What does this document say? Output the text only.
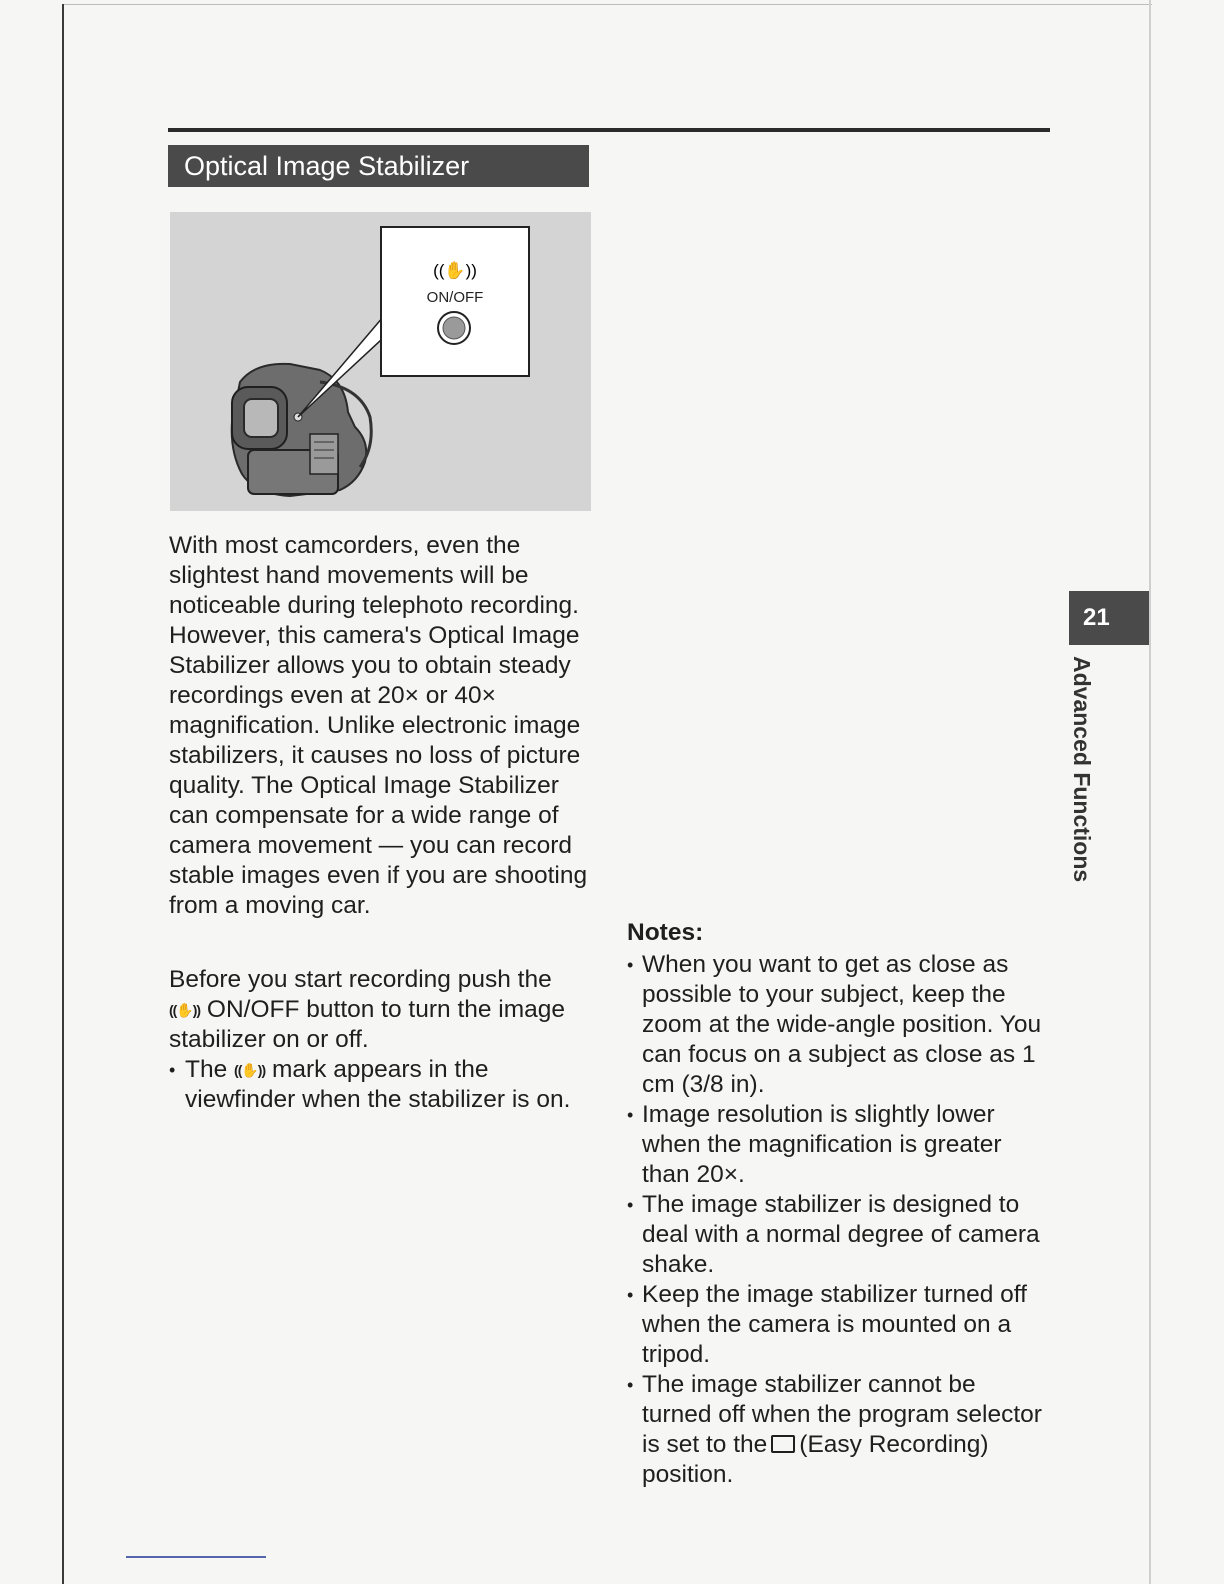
Optical Image Stabilizer
((✋))
ON/OFF

With most camcorders, even the slightest hand movements will be noticeable during telephoto recording. However, this camera's Optical Image Stabilizer allows you to obtain steady recordings even at 20× or 40× magnification. Unlike electronic image stabilizers, it causes no loss of picture quality. The Optical Image Stabilizer can compensate for a wide range of camera movement — you can record stable images even if you are shooting from a moving car.

Before you start recording push the ((✋)) ON/OFF button to turn the image stabilizer on or off.

• The ((✋)) mark appears in the viewfinder when the stabilizer is on.

Notes:

• When you want to get as close as possible to your subject, keep the zoom at the wide-angle position. You can focus on a subject as close as 1 cm (3/8 in).
• Image resolution is slightly lower when the magnification is greater than 20×.
• The image stabilizer is designed to deal with a normal degree of camera shake.
• Keep the image stabilizer turned off when the camera is mounted on a tripod.
• The image stabilizer cannot be turned off when the program selector is set to the (Easy Recording) position.
21
Advanced Functions
